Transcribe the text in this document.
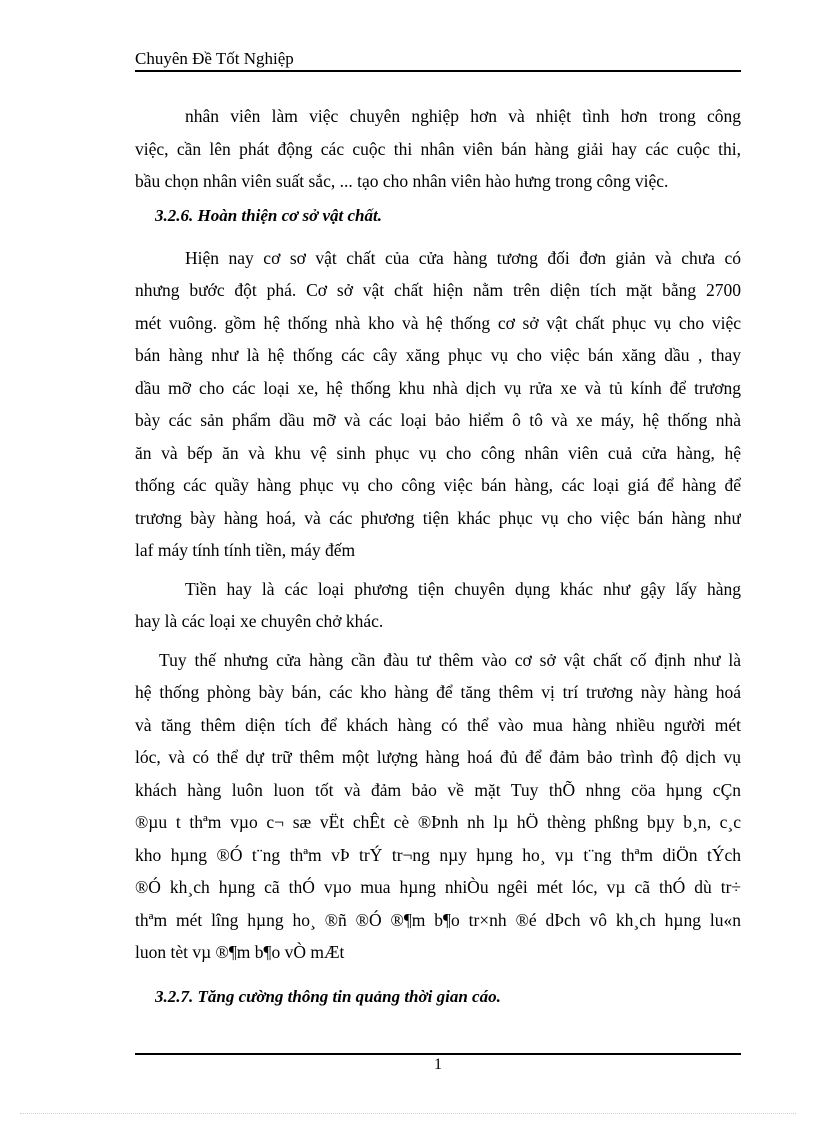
Chuyên Đề Tốt Nghiệp
nhân viên làm việc chuyên nghiệp hơn và nhiệt tình hơn trong công
việc, cần lên phát động các cuộc thi nhân viên bán hàng giải hay các cuộc thi,
bầu chọn nhân viên suất sắc, ... tạo cho nhân viên hào hưng trong công việc.
3.2.6. Hoàn thiện cơ sở vật chất.
Hiện nay cơ sơ vật chất của cửa hàng tương đối đơn giản và chưa có
nhưng bước đột phá. Cơ sở vật chất hiện nằm trên diện tích mặt bằng 2700
mét vuông. gồm hệ thống nhà kho và hệ thống cơ sở vật chất phục vụ cho việc
bán hàng như là hệ thống các cây xăng phục vụ cho việc bán xăng dầu , thay
dầu mỡ cho các loại xe, hệ thống khu nhà dịch vụ rửa xe và tủ kính để trương
bày các sản phẩm dầu mỡ và các loại bảo hiểm ô tô và xe máy, hệ thống nhà
ăn và bếp ăn và khu vệ sinh phục vụ cho công nhân viên cuả cửa hàng, hệ
thống các quầy hàng phục vụ cho công việc bán hàng, các loại giá để hàng để
trương bày hàng hoá, và các phương tiện khác phục vụ cho việc bán hàng như
laf máy tính tính tiền, máy đếm
Tiền hay là các loại phương tiện chuyên dụng khác như gậy lấy hàng
hay là các loại xe chuyên chở khác.
Tuy thế nhưng cửa hàng cần đàu tư thêm vào cơ sở vật chất cố định như là
hệ thống phòng bày bán, các kho hàng để tăng thêm vị trí trương này hàng hoá
và tăng thêm diện tích để khách hàng có thể vào mua hàng nhiều người mét
lóc, và có thể dự trữ thêm một lượng hàng hoá đủ để đảm bảo trình độ dịch vụ
khách hàng luôn luon tốt và đảm bảo về mặt Tuy thÕ nhng cöa hµng cÇn
®µu t thªm vµo c¬ sæ vËt chÊt cè ®Þnh nh lµ hÖ thèng phßng bµy b¸n, c¸c
kho hµng ®Ó t¨ng thªm vÞ trÝ tr¬ng nµy hµng ho¸ vµ t¨ng thªm diÖn tÝch
®Ó kh¸ch hµng cã thÓ vµo mua hµng nhiÒu ngêi mét lóc, vµ cã thÓ dù tr÷
thªm mét lîng hµng ho¸ ®ñ ®Ó ®¶m b¶o tr×nh ®é dÞch vô kh¸ch hµng lu«n
luon tèt vµ ®¶m b¶o vÒ mÆt
3.2.7. Tăng cường thông tin quảng thời gian cáo.
1
